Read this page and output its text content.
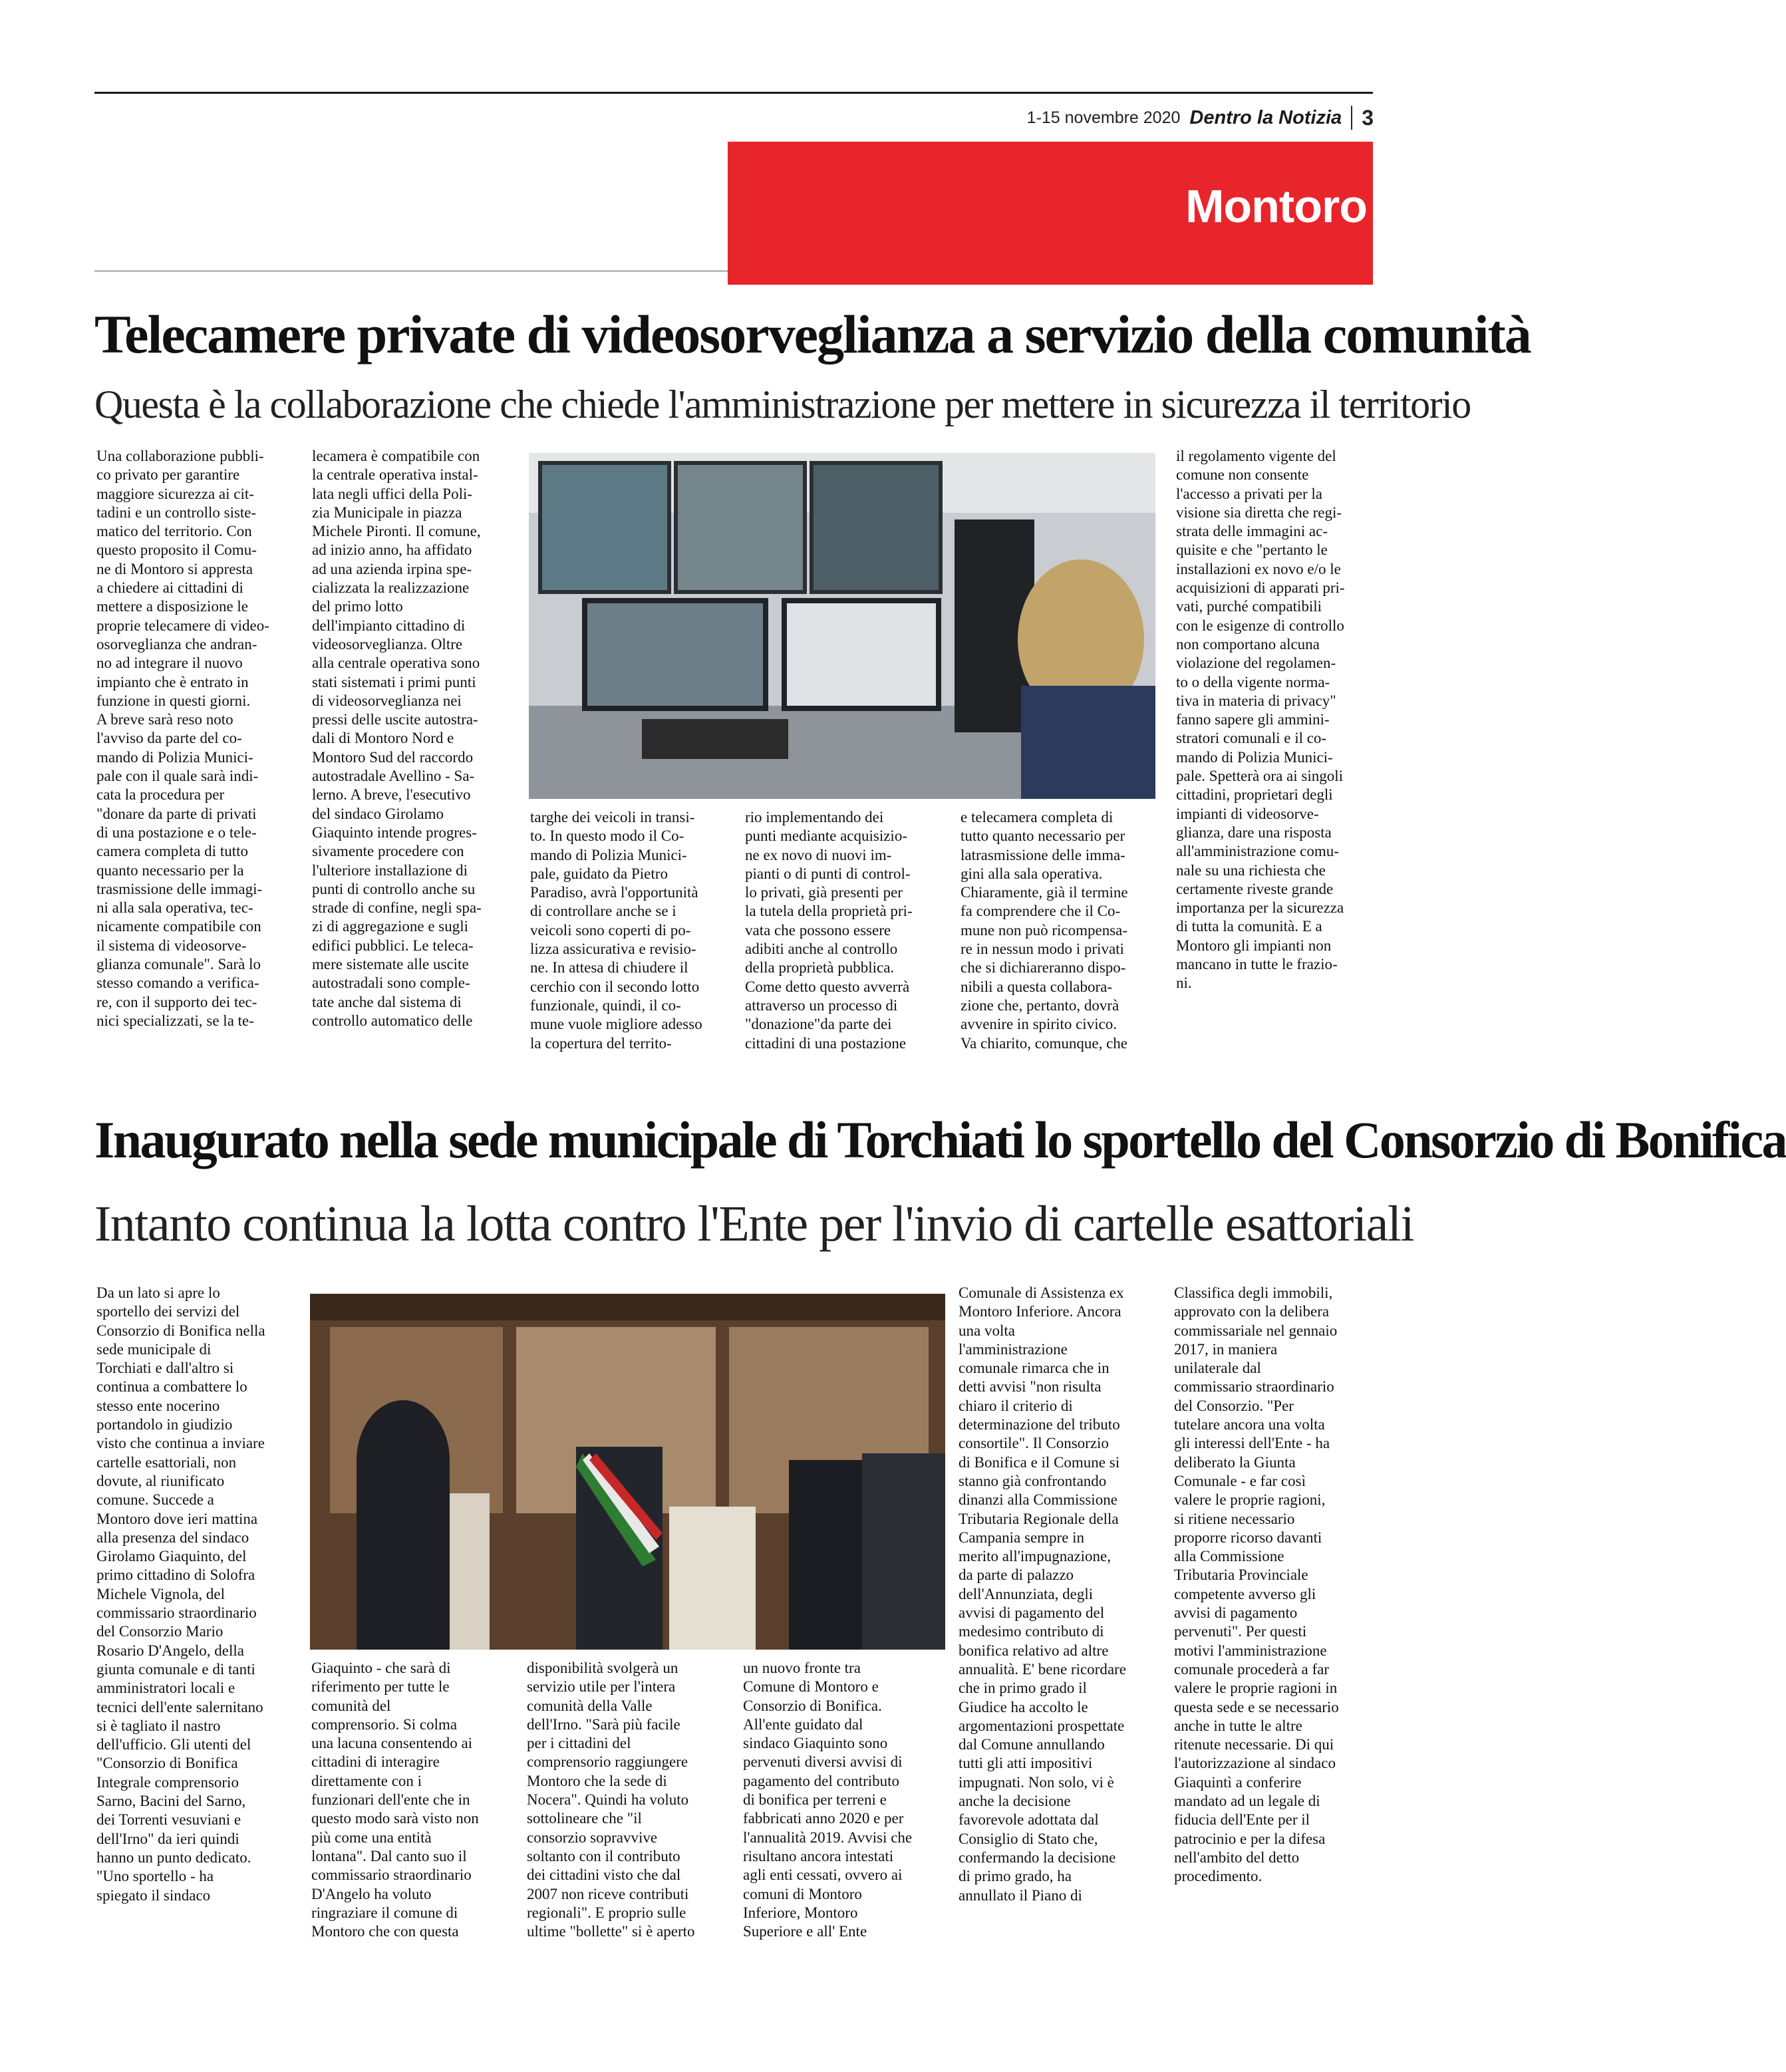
1-15 novembre 2020 Dentro la Notizia 3
Montoro
Telecamere private di videosorveglianza a servizio della comunità
Questa è la collaborazione che chiede l'amministrazione per mettere in sicurezza il territorio
Una collaborazione pubbli-
co privato per garantire
maggiore sicurezza ai cit-
tadini e un controllo siste-
matico del territorio. Con
questo proposito il Comu-
ne di Montoro si appresta
a chiedere ai cittadini di
mettere a disposizione le
proprie telecamere di video-
osorveglianza che andran-
no ad integrare il nuovo
impianto che è entrato in
funzione in questi giorni.
A breve sarà reso noto
l'avviso da parte del co-
mando di Polizia Munici-
pale con il quale sarà indi-
cata la procedura per
"donare da parte di privati
di una postazione e o tele-
camera completa di tutto
quanto necessario per la
trasmissione delle immagi-
ni alla sala operativa, tec-
nicamente compatibile con
il sistema di videosorve-
glianza comunale". Sarà lo
stesso comando a verifica-
re, con il supporto dei tec-
nici specializzati, se la te-
lecamera è compatibile con
la centrale operativa instal-
lata negli uffici della Poli-
zia Municipale in piazza
Michele Pironti. Il comune,
ad inizio anno, ha affidato
ad una azienda irpina spe-
cializzata la realizzazione
del primo lotto
dell'impianto cittadino di
videosorveglianza. Oltre
alla centrale operativa sono
stati sistemati i primi punti
di videosorveglianza nei
pressi delle uscite autostra-
dali di Montoro Nord e
Montoro Sud del raccordo
autostradale Avellino - Sa-
lerno. A breve, l'esecutivo
del sindaco Girolamo
Giaquinto intende progres-
sivamente procedere con
l'ulteriore installazione di
punti di controllo anche su
strade di confine, negli spa-
zi di aggregazione e sugli
edifici pubblici. Le teleca-
mere sistemate alle uscite
autostradali sono comple-
tate anche dal sistema di
controllo automatico delle
targhe dei veicoli in transi-
to. In questo modo il Co-
mando di Polizia Munici-
pale, guidato da Pietro
Paradiso, avrà l'opportunità
di controllare anche se i
veicoli sono coperti di po-
lizza assicurativa e revisio-
ne. In attesa di chiudere il
cerchio con il secondo lotto
funzionale, quindi, il co-
mune vuole migliore adesso
la copertura del territo-
rio implementando dei
punti mediante acquisizio-
ne ex novo di nuovi im-
pianti o di punti di control-
lo privati, già presenti per
la tutela della proprietà pri-
vata che possono essere
adibiti anche al controllo
della proprietà pubblica.
Come detto questo avverrà
attraverso un processo di
"donazione"da parte dei
cittadini di una postazione
e telecamera completa di
tutto quanto necessario per
latrasmissione delle imma-
gini alla sala operativa.
Chiaramente, già il termine
fa comprendere che il Co-
mune non può ricompensa-
re in nessun modo i privati
che si dichiareranno dispo-
nibili a questa collabora-
zione che, pertanto, dovrà
avvenire in spirito civico.
Va chiarito, comunque, che
il regolamento vigente del
comune non consente
l'accesso a privati per la
visione sia diretta che regi-
strata delle immagini ac-
quisite e che "pertanto le
installazioni ex novo e/o le
acquisizioni di apparati pri-
vati, purché compatibili
con le esigenze di controllo
non comportano alcuna
violazione del regolamen-
to o della vigente norma-
tiva in materia di privacy"
fanno sapere gli ammini-
stratori comunali e il co-
mando di Polizia Munici-
pale. Spetterà ora ai singoli
cittadini, proprietari degli
impianti di videosorve-
glianza, dare una risposta
all'amministrazione comu-
nale su una richiesta che
certamente riveste grande
importanza per la sicurezza
di tutta la comunità. E a
Montoro gli impianti non
mancano in tutte le frazio-
ni.
Inaugurato nella sede municipale di Torchiati lo sportello del Consorzio di Bonifica
Intanto continua la lotta contro l'Ente per l'invio di cartelle esattoriali
Da un lato si apre lo
sportello dei servizi del
Consorzio di Bonifica nella
sede municipale di
Torchiati e dall'altro si
continua a combattere lo
stesso ente nocerino
portandolo in giudizio
visto che continua a inviare
cartelle esattoriali, non
dovute, al riunificato
comune. Succede a
Montoro dove ieri mattina
alla presenza del sindaco
Girolamo Giaquinto, del
primo cittadino di Solofra
Michele Vignola, del
commissario straordinario
del Consorzio Mario
Rosario D'Angelo, della
giunta comunale e di tanti
amministratori locali e
tecnici dell'ente salernitano
si è tagliato il nastro
dell'ufficio. Gli utenti del
"Consorzio di Bonifica
Integrale comprensorio
Sarno, Bacini del Sarno,
dei Torrenti vesuviani e
dell'Irno" da ieri quindi
hanno un punto dedicato.
"Uno sportello - ha
spiegato il sindaco
Giaquinto - che sarà di
riferimento per tutte le
comunità del
comprensorio. Si colma
una lacuna consentendo ai
cittadini di interagire
direttamente con i
funzionari dell'ente che in
questo modo sarà visto non
più come una entità
lontana". Dal canto suo il
commissario straordinario
D'Angelo ha voluto
ringraziare il comune di
Montoro che con questa
disponibilità svolgerà un
servizio utile per l'intera
comunità della Valle
dell'Irno. "Sarà più facile
per i cittadini del
comprensorio raggiungere
Montoro che la sede di
Nocera". Quindi ha voluto
sottolineare che "il
consorzio sopravvive
soltanto con il contributo
dei cittadini visto che dal
2007 non riceve contributi
regionali". E proprio sulle
ultime "bollette" si è aperto
un nuovo fronte tra
Comune di Montoro e
Consorzio di Bonifica.
All'ente guidato dal
sindaco Giaquinto sono
pervenuti diversi avvisi di
pagamento del contributo
di bonifica per terreni e
fabbricati anno 2020 e per
l'annualità 2019. Avvisi che
risultano ancora intestati
agli enti cessati, ovvero ai
comuni di Montoro
Inferiore, Montoro
Superiore e all' Ente
Comunale di Assistenza ex
Montoro Inferiore. Ancora
una volta
l'amministrazione
comunale rimarca che in
detti avvisi "non risulta
chiaro il criterio di
determinazione del tributo
consortile". Il Consorzio
di Bonifica e il Comune si
stanno già confrontando
dinanzi alla Commissione
Tributaria Regionale della
Campania sempre in
merito all'impugnazione,
da parte di palazzo
dell'Annunziata, degli
avvisi di pagamento del
medesimo contributo di
bonifica relativo ad altre
annualità. E' bene ricordare
che in primo grado il
Giudice ha accolto le
argomentazioni prospettate
dal Comune annullando
tutti gli atti impositivi
impugnati. Non solo, vi è
anche la decisione
favorevole adottata dal
Consiglio di Stato che,
confermando la decisione
di primo grado, ha
annullato il Piano di
Classifica degli immobili,
approvato con la delibera
commissariale nel gennaio
2017, in maniera
unilaterale dal
commissario straordinario
del Consorzio. "Per
tutelare ancora una volta
gli interessi dell'Ente - ha
deliberato la Giunta
Comunale - e far così
valere le proprie ragioni,
si ritiene necessario
proporre ricorso davanti
alla Commissione
Tributaria Provinciale
competente avverso gli
avvisi di pagamento
pervenuti". Per questi
motivi l'amministrazione
comunale procederà a far
valere le proprie ragioni in
questa sede e se necessario
anche in tutte le altre
ritenute necessarie. Di qui
l'autorizzazione al sindaco
Giaquintì a conferire
mandato ad un legale di
fiducia dell'Ente per il
patrocinio e per la difesa
nell'ambito del detto
procedimento.
